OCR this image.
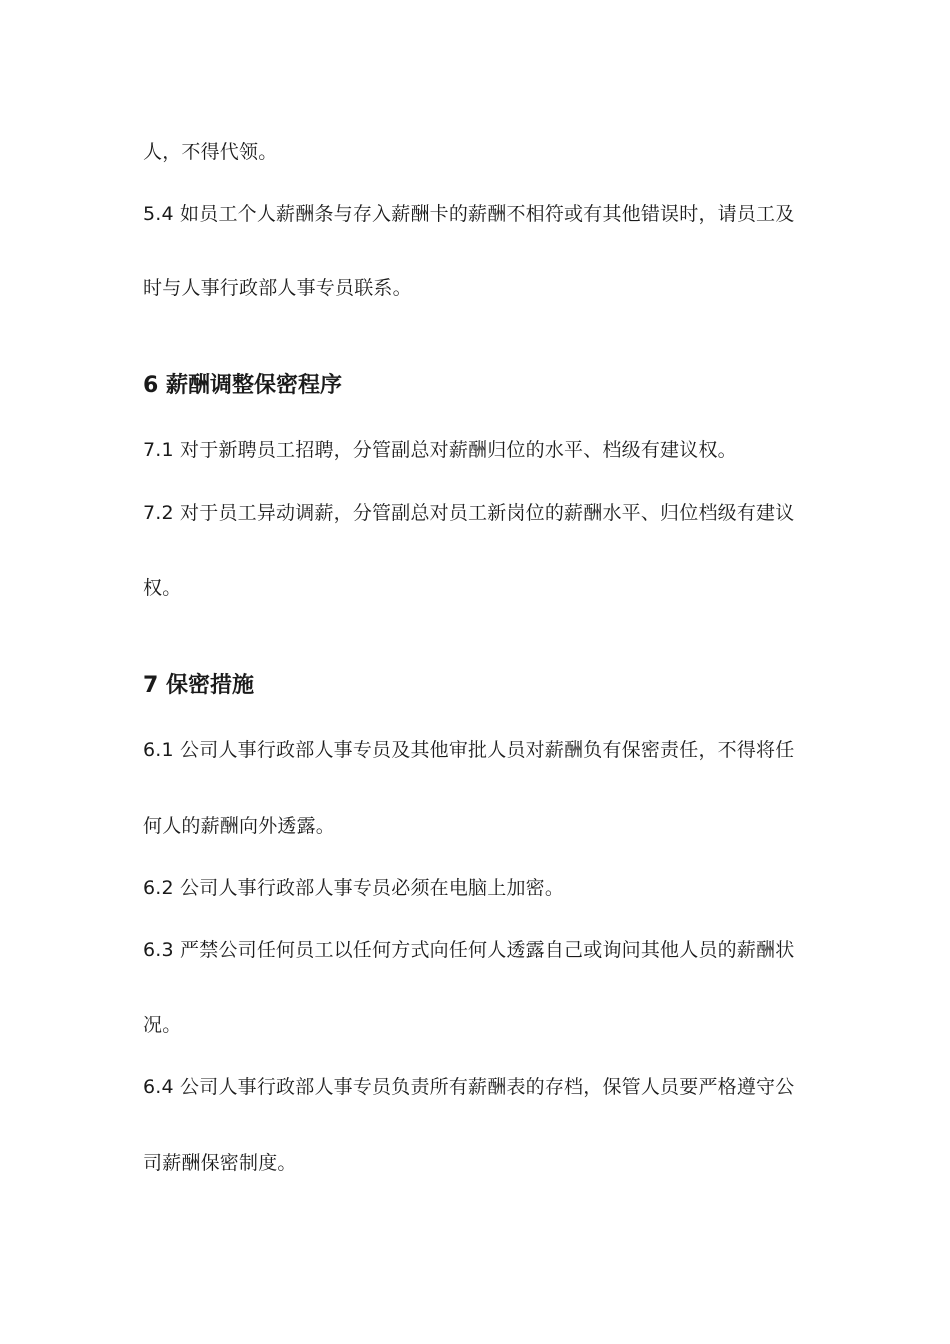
人，不得代领。
5.4 如员工个人薪酬条与存入薪酬卡的薪酬不相符或有其他错误时，请员工及
时与人事行政部人事专员联系。
6 薪酬调整保密程序
7.1 对于新聘员工招聘，分管副总对薪酬归位的水平、档级有建议权。
7.2 对于员工异动调薪，分管副总对员工新岗位的薪酬水平、归位档级有建议
权。
7 保密措施
6.1 公司人事行政部人事专员及其他审批人员对薪酬负有保密责任，不得将任
何人的薪酬向外透露。
6.2 公司人事行政部人事专员必须在电脑上加密。
6.3 严禁公司任何员工以任何方式向任何人透露自己或询问其他人员的薪酬状
况。
6.4 公司人事行政部人事专员负责所有薪酬表的存档，保管人员要严格遵守公
司薪酬保密制度。
